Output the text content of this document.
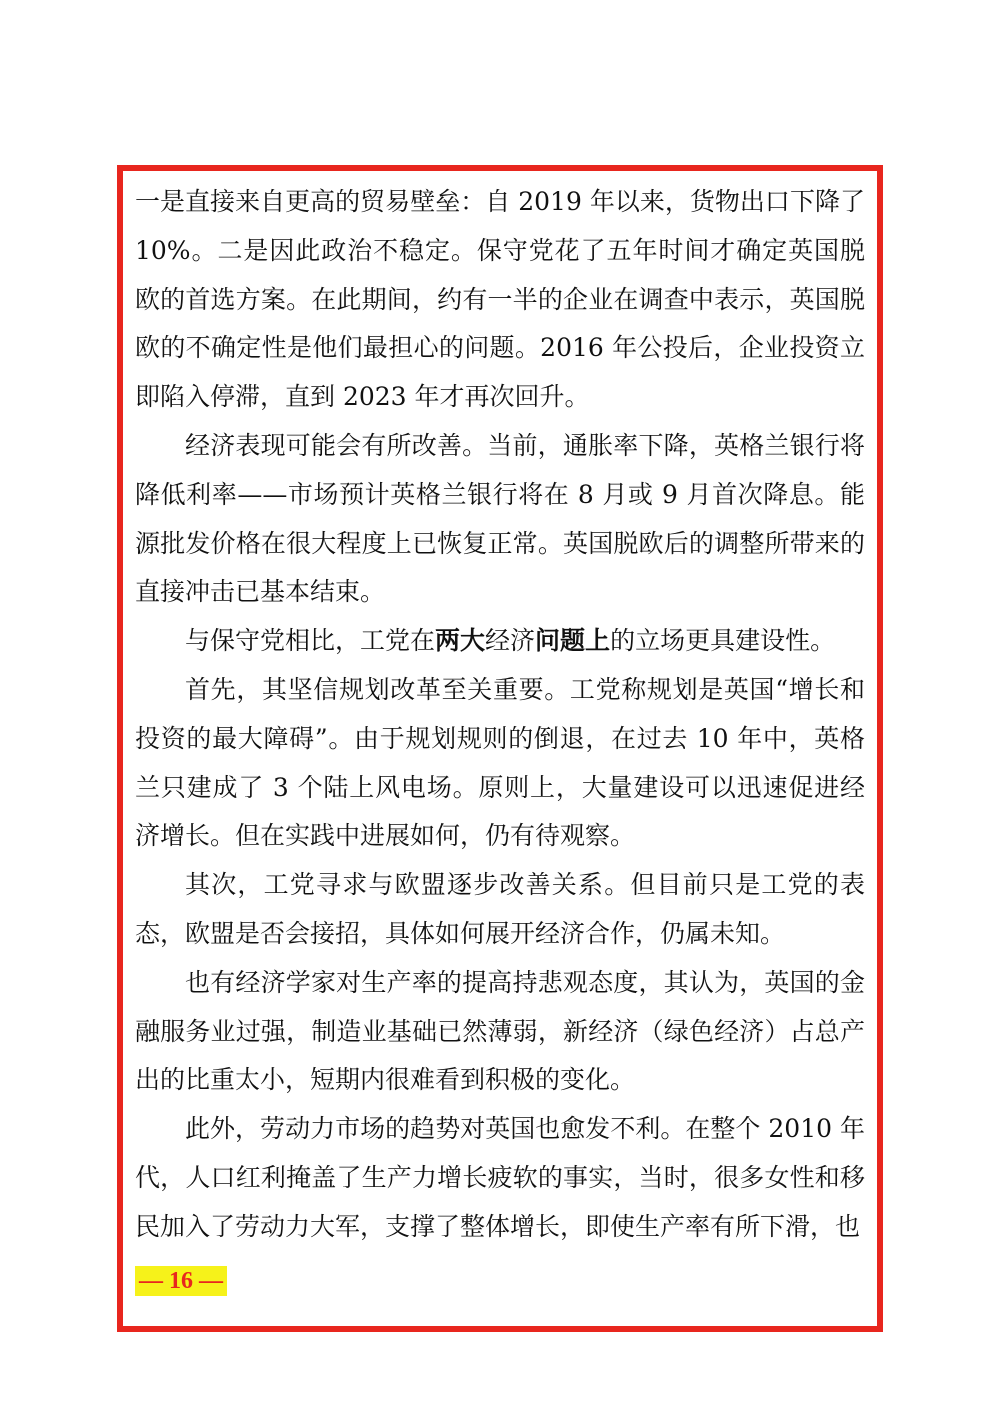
一是直接来自更高的贸易壁垒：自 2019 年以来，货物出口下降了 10%。二是因此政治不稳定。保守党花了五年时间才确定英国脱欧的首选方案。在此期间，约有一半的企业在调查中表示，英国脱欧的不确定性是他们最担心的问题。2016 年公投后，企业投资立即陷入停滞，直到 2023 年才再次回升。

经济表现可能会有所改善。当前，通胀率下降，英格兰银行将降低利率——市场预计英格兰银行将在 8 月或 9 月首次降息。能源批发价格在很大程度上已恢复正常。英国脱欧后的调整所带来的直接冲击已基本结束。

与保守党相比，工党在两大经济问题上的立场更具建设性。

首先，其坚信规划改革至关重要。工党称规划是英国“增长和投资的最大障碍”。由于规划规则的倒退，在过去 10 年中，英格兰只建成了 3 个陆上风电场。原则上，大量建设可以迅速促进经济增长。但在实践中进展如何，仍有待观察。

其次，工党寻求与欧盟逐步改善关系。但目前只是工党的表态，欧盟是否会接招，具体如何展开经济合作，仍属未知。

也有经济学家对生产率的提高持悲观态度，其认为，英国的金融服务业过强，制造业基础已然薄弱，新经济（绿色经济）占总产出的比重太小，短期内很难看到积极的变化。

此外，劳动力市场的趋势对英国也愈发不利。在整个 2010 年代，人口红利掩盖了生产力增长疲软的事实，当时，很多女性和移民加入了劳动力大军，支撑了整体增长，即使生产率有所下滑，也

— 16 —
